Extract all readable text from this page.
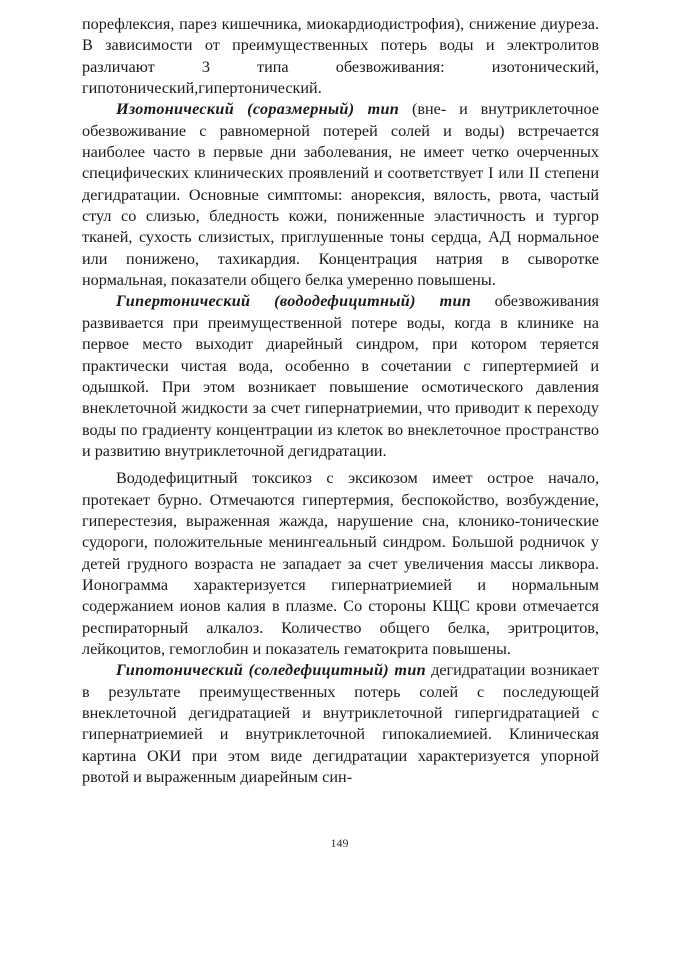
порефлексия, парез кишечника, миокардиодистрофия), снижение диуреза. В зависимости от преимущественных потерь воды и электролитов различают 3 типа обезвоживания: изотонический, гипотонический,гипертонический.

Изотонический (соразмерный) тип (вне- и внутриклеточное обезвоживание с равномерной потерей солей и воды) встречается наиболее часто в первые дни заболевания, не имеет четко очерченных специфических клинических проявлений и соответствует I или II степени дегидратации. Основные симптомы: анорексия, вялость, рвота, частый стул со слизью, бледность кожи, пониженные эластичность и тургор тканей, сухость слизистых, приглушенные тоны сердца, АД нормальное или понижено, тахикардия. Концентрация натрия в сыворотке нормальная, показатели общего белка умеренно повышены.

Гипертонический (вододефицитный) тип обезвоживания развивается при преимущественной потере воды, когда в клинике на первое место выходит диарейный синдром, при котором теряется практически чистая вода, особенно в сочетании с гипертермией и одышкой. При этом возникает повышение осмотического давления внеклеточной жидкости за счет гипернатриемии, что приводит к переходу воды по градиенту концентрации из клеток во внеклеточное пространство и развитию внутриклеточной дегидратации.

Вододефицитный токсикоз с эксикозом имеет острое начало, протекает бурно. Отмечаются гипертермия, беспокойство, возбуждение, гиперестезия, выраженная жажда, нарушение сна, клонико-тонические судороги, положительные менингеальный синдром. Большой родничок у детей грудного возраста не западает за счет увеличения массы ликвора. Ионограмма характеризуется гипернатриемией и нормальным содержанием ионов калия в плазме. Со стороны КЩС крови отмечается респираторный алкалоз. Количество общего белка, эритроцитов, лейкоцитов, гемоглобин и показатель гематокрита повышены.

Гипотонический (соледефицитный) тип дегидратации возникает в результате преимущественных потерь солей с последующей внеклеточной дегидратацией и внутриклеточной гипергидратацией с гипернатриемией и внутриклеточной гипокалиемией. Клиническая картина ОКИ при этом виде дегидратации характеризуется упорной рвотой и выраженным диарейным син-

149
